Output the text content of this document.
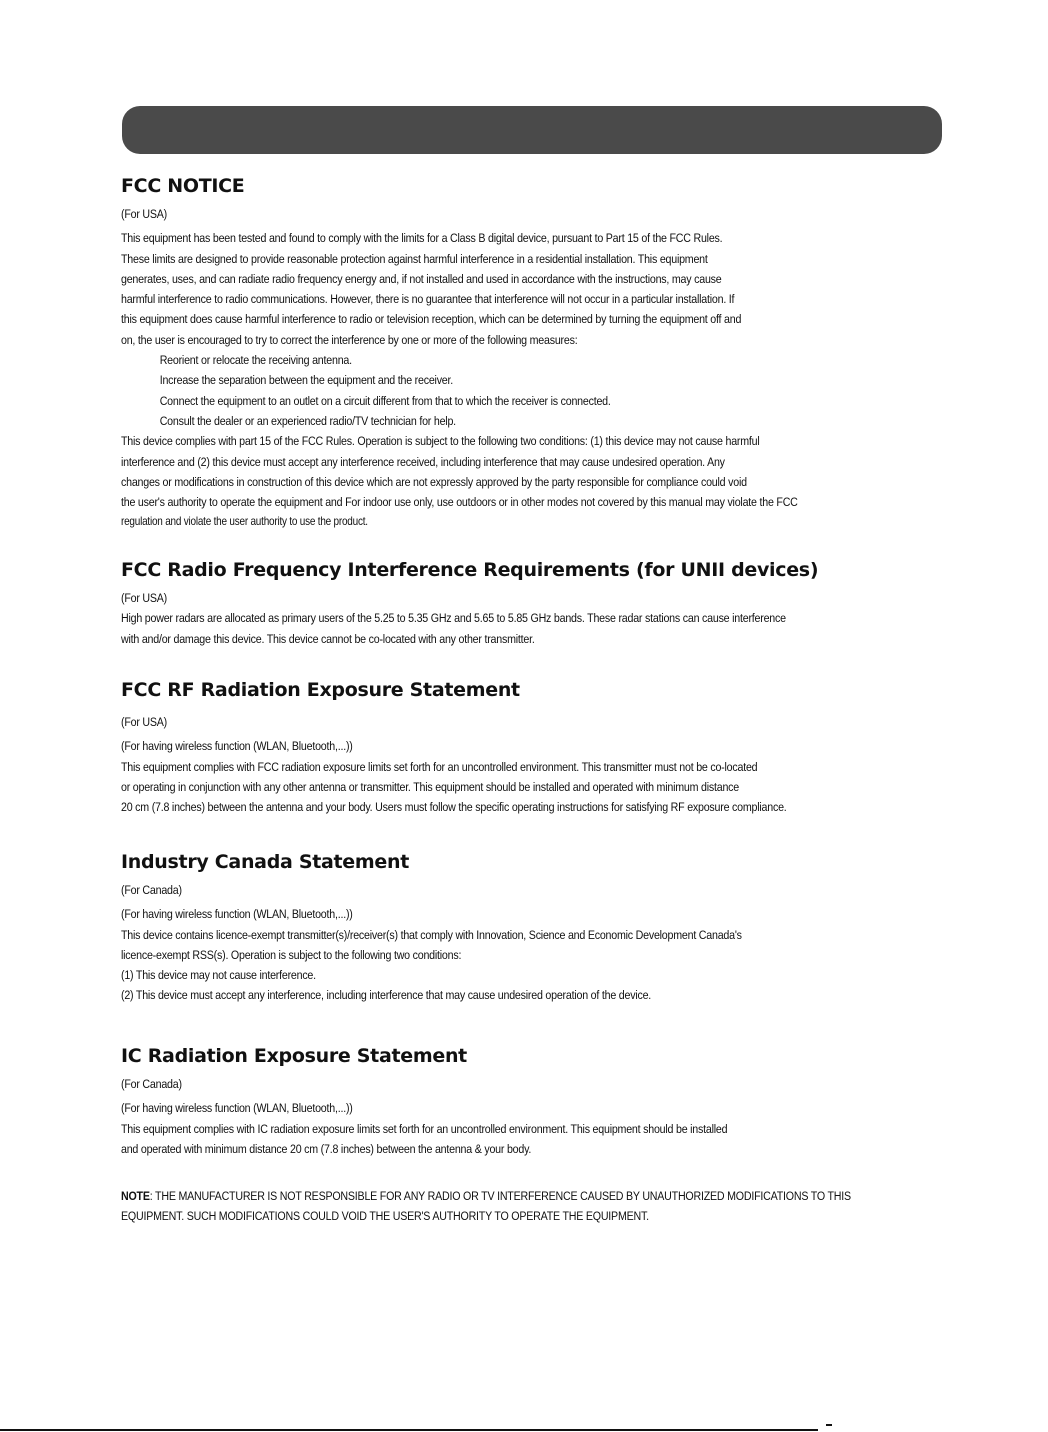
FCC NOTICE
(For USA)
This equipment has been tested and found to comply with the limits for a Class B digital device, pursuant to Part 15 of the FCC Rules.
These limits are designed to provide reasonable protection against harmful interference in a residential installation. This equipment
generates, uses, and can radiate radio frequency energy and, if not installed and used in accordance with the instructions, may cause
harmful interference to radio communications. However, there is no guarantee that interference will not occur in a particular installation. If
this equipment does cause harmful interference to radio or television reception, which can be determined by turning the equipment off and
on, the user is encouraged to try to correct the interference by one or more of the following measures:
Reorient or relocate the receiving antenna.
Increase the separation between the equipment and the receiver.
Connect the equipment to an outlet on a circuit different from that to which the receiver is connected.
Consult the dealer or an experienced radio/TV technician for help.
This device complies with part 15 of the FCC Rules. Operation is subject to the following two conditions: (1) this device may not cause harmful
interference and (2) this device must accept any interference received, including interference that may cause undesired operation. Any
changes or modifications in construction of this device which are not expressly approved by the party responsible for compliance could void
the user's authority to operate the equipment and For indoor use only, use outdoors or in other modes not covered by this manual may violate the FCC
regulation and violate the user authority to use the product.
FCC Radio Frequency Interference Requirements (for UNII devices)
(For USA)
High power radars are allocated as primary users of the 5.25 to 5.35 GHz and 5.65 to 5.85 GHz bands. These radar stations can cause interference
with and/or damage this device. This device cannot be co-located with any other transmitter.
FCC RF Radiation Exposure Statement
(For USA)
(For having wireless function (WLAN, Bluetooth,...))
This equipment complies with FCC radiation exposure limits set forth for an uncontrolled environment. This transmitter must not be co-located
or operating in conjunction with any other antenna or transmitter. This equipment should be installed and operated with minimum distance
20 cm (7.8 inches) between the antenna and your body. Users must follow the specific operating instructions for satisfying RF exposure compliance.
Industry Canada Statement
(For Canada)
(For having wireless function (WLAN, Bluetooth,...))
This device contains licence-exempt transmitter(s)/receiver(s) that comply with Innovation, Science and Economic Development Canada's
licence-exempt RSS(s). Operation is subject to the following two conditions:
(1) This device may not cause interference.
(2) This device must accept any interference, including interference that may cause undesired operation of the device.
IC Radiation Exposure Statement
(For Canada)
(For having wireless function (WLAN, Bluetooth,...))
This equipment complies with IC radiation exposure limits set forth for an uncontrolled environment. This equipment should be installed
and operated with minimum distance 20 cm (7.8 inches) between the antenna & your body.
NOTE: THE MANUFACTURER IS NOT RESPONSIBLE FOR ANY RADIO OR TV INTERFERENCE CAUSED BY UNAUTHORIZED MODIFICATIONS TO THIS
EQUIPMENT. SUCH MODIFICATIONS COULD VOID THE USER'S AUTHORITY TO OPERATE THE EQUIPMENT.
